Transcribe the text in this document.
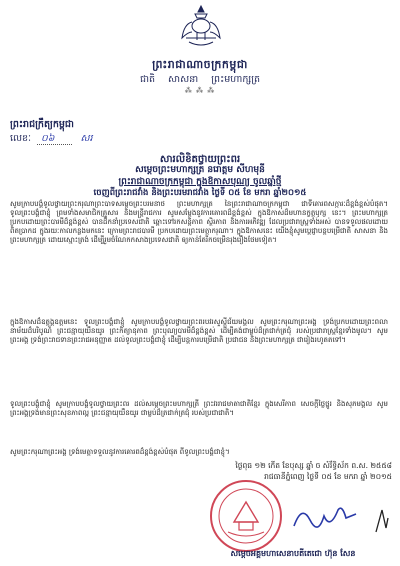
ព្រះរាជាណាចក្រកម្ពុជា
ជាតិ សាសនា ព្រះមហាក្សត្រ
⁂ ⁂ ⁂
ព្រះរាជក្រឹត្យកម្ពុជា
លេខៈ ០៦	សរ
សារលិខិតថ្វាយព្រះពរ
សម្តេចព្រះមហាក្សត្រ នរោត្តម សីហមុនី
ព្រះរាជាណាចក្រកម្ពុជា ក្នុងឱកាសបុណ្យ ចូលឆ្នាំថ្មី
ចេញពីព្រះរាជវាំង និងព្រះបរមរាជវាំង ថ្ងៃទី ០៥ ខែ មករា ឆ្នាំ២០១៥
សូមក្រាបបង្គំទូលថ្វាយព្រះករុណាព្រះបាទសម្តេចព្រះបរមនាថ ព្រះមហាក្សត្រ នៃព្រះរាជាណាចក្រកម្ពុជា ជាទីគោរពសក្ការៈដ៏ខ្ពង់ខ្ពស់បំផុត។ ទូលព្រះបង្គំជាខ្ញុំ ព្រមទាំងសមាជិកគ្រួសារ និងមន្ត្រីរាជការ សូមសម្តែងនូវការគោរពដ៏ខ្ពង់ខ្ពស់ ក្នុងឱកាសដ៏មហានក្ខត្តឫក្ស នេះ។ ព្រះមហាក្សត្រ ប្រកបដោយព្រះបារមីដ៏ខ្ពង់ខ្ពស់ បានដឹកនាំប្រទេសជាតិ ឆ្ពោះទៅរកសន្តិភាព ស្ថិរភាព និងការអភិវឌ្ឍ ដែលប្រជារាស្ត្រទាំងអស់ បានទទួលផលដោយពិតប្រាកដ ក្នុងរយៈកាលកន្លងមកនេះ ក្រោមព្រះរាជបារមី ប្រកបដោយព្រះមេត្តាករុណា។ ក្នុងឱកាសនេះ យើងខ្ញុំសូមប្តេជ្ញាបន្តបម្រើជាតិ សាសនា និងព្រះមហាក្សត្រ ដោយស្មោះត្រង់ ដើម្បីរួមចំណែកកសាងប្រទេសជាតិ ឲ្យកាន់តែរីកចម្រើនរុងរឿងថែមទៀត។
ក្នុងឱកាសដ៏ឧត្តុង្គឧត្តមនេះ ទូលព្រះបង្គំជាខ្ញុំ សូមក្រាបបង្គំទូលថ្វាយព្រះពរបវរសួស្តីជ័យមង្គល សូមព្រះករុណាព្រះអង្គ ទ្រង់ប្រកបដោយព្រះពលានាម័យដ៏បរិបូណ៌ ព្រះជន្មាយុយឺនយូរ ព្រះកិត្យានុភាព ព្រះបុណ្យបារមីដ៏ខ្ពង់ខ្ពស់ ដើម្បីគង់ជាម្លប់ដ៏ត្រជាក់ត្រជុំ របស់ប្រជារាស្ត្រខ្មែរទាំងមូល។ សូមព្រះអង្គ ទ្រង់ព្រះរាជទានព្រះរាជអនុញ្ញាត ដល់ទូលព្រះបង្គំជាខ្ញុំ ដើម្បីបន្តការបម្រើជាតិ ប្រជាជន និងព្រះមហាក្សត្រ ជារៀងរហូតតទៅ។
ទូលព្រះបង្គំជាខ្ញុំ សូមក្រាបបង្គំទូលថ្វាយព្រះពរ ដល់សម្តេចព្រះមហាក្សត្រី ព្រះវររាជមាតាជាតិខ្មែរ ក្នុងសេរីភាព សេចក្តីថ្លៃថ្នូរ និងសុភមង្គល សូមព្រះអង្គទ្រង់មានព្រះសុខភាពល្អ ព្រះជន្មាយុយឺនយូរ ជាម្លប់ដ៏ត្រជាក់ត្រជុំ របស់ប្រជាជាតិ។
សូមព្រះករុណាព្រះអង្គ ទ្រង់មេត្តាទទួលនូវការគោរពដ៏ខ្ពង់ខ្ពស់បំផុត ពីទូលព្រះបង្គំជាខ្ញុំ។
ថ្ងៃពុធ ១២ កើត ខែបុស្ស ឆ្នាំ ច សំរឹទ្ធិស័ក ព.ស. ២៥៥៨
រាជធានីភ្នំពេញ ថ្ងៃទី ០៥ ខែ មករា ឆ្នាំ ២០១៥
សម្តេចអគ្គមហាសេនាបតីតេជោ ហ៊ុន សែន
